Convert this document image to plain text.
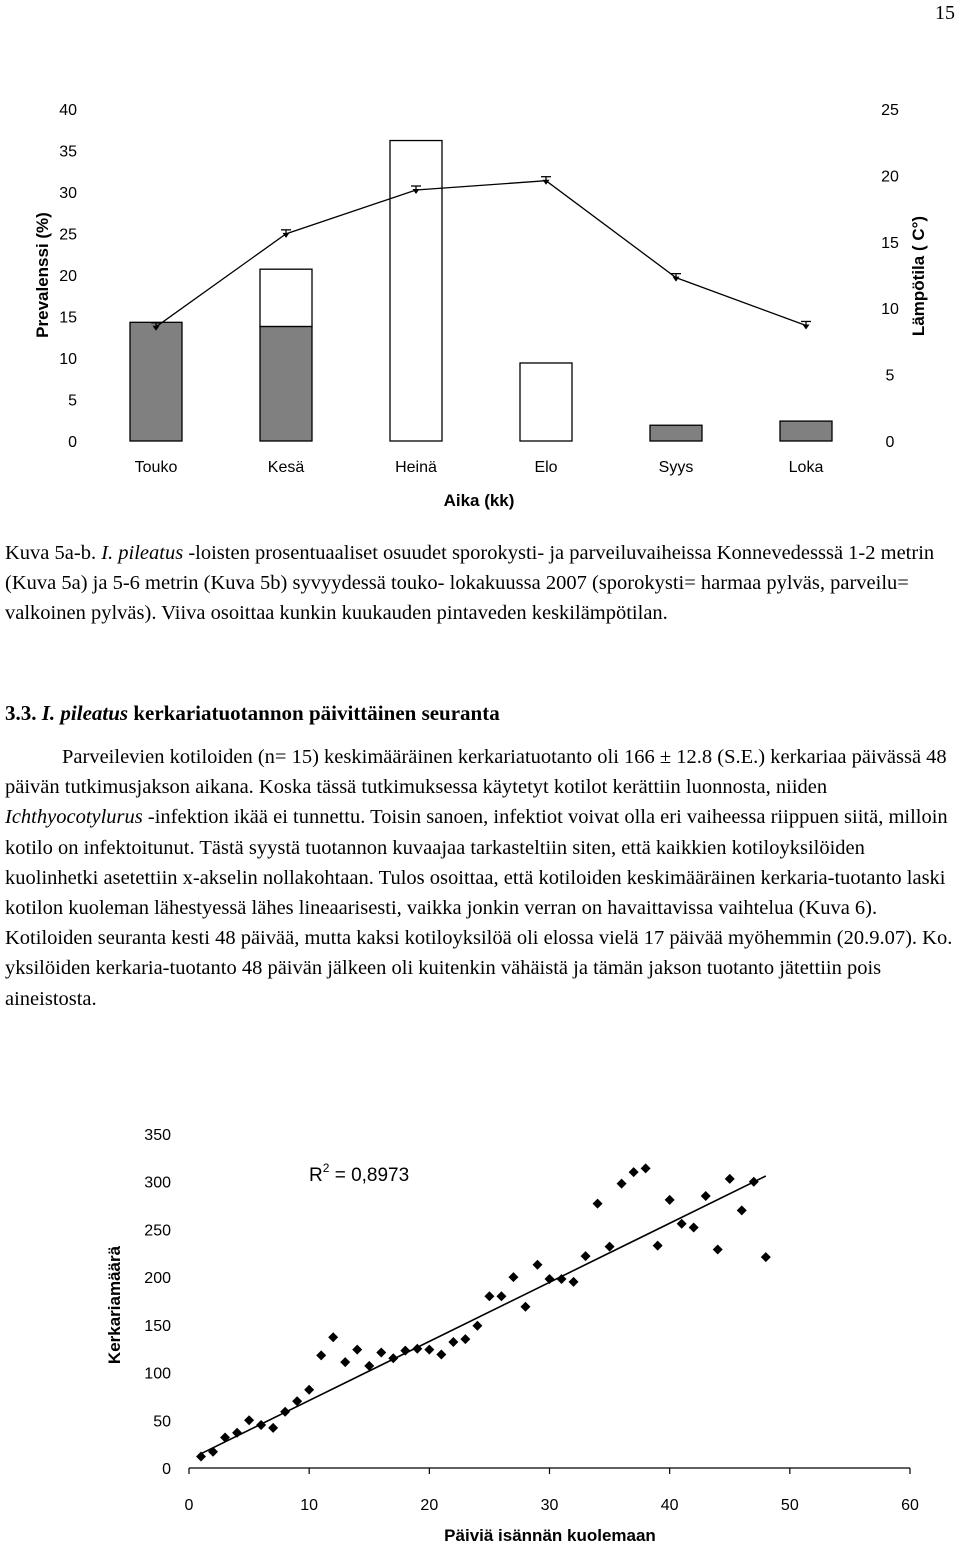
15
0
5
10
15
20
25
30
35
40
0
5
10
15
20
25
Touko	Kesä	Heinä	Elo	Syys	Loka
Prevalenssi (%)	Lämpötila ( C°)
Aika (kk)

Kuva 5a-b. I. pileatus -loisten prosentuaaliset osuudet sporokysti- ja parveiluvaiheissa Konnevedesssä 1-2 metrin (Kuva 5a) ja 5-6 metrin (Kuva 5b) syvyydessä touko- lokakuussa 2007 (sporokysti= harmaa pylväs, parveilu= valkoinen pylväs). Viiva osoittaa kunkin kuukauden pintaveden keskilämpötilan.

3.3. I. pileatus kerkariatuotannon päivittäinen seuranta

Parveilevien kotiloiden (n= 15) keskimääräinen kerkariatuotanto oli 166 ± 12.8 (S.E.) kerkariaa päivässä 48 päivän tutkimusjakson aikana. Koska tässä tutkimuksessa käytetyt kotilot kerättiin luonnosta, niiden Ichthyocotylurus -infektion ikää ei tunnettu. Toisin sanoen, infektiot voivat olla eri vaiheessa riippuen siitä, milloin kotilo on infektoitunut. Tästä syystä tuotannon kuvaajaa tarkasteltiin siten, että kaikkien kotiloyksilöiden kuolinhetki asetettiin x-akselin nollakohtaan. Tulos osoittaa, että kotiloiden keskimääräinen kerkaria-tuotanto laski kotilon kuoleman lähestyessä lähes lineaarisesti, vaikka jonkin verran on havaittavissa vaihtelua (Kuva 6). Kotiloiden seuranta kesti 48 päivää, mutta kaksi kotiloyksilöä oli elossa vielä 17 päivää myöhemmin (20.9.07). Ko. yksilöiden kerkaria-tuotanto 48 päivän jälkeen oli kuitenkin vähäistä ja tämän jakson tuotanto jätettiin pois aineistosta.

0	10	20	30	40	50	60
0
50
100
150
200
250
300
350
$R^2 = 0,8973$
Kerkariamäärä
Päiviä isännän kuolemaan
